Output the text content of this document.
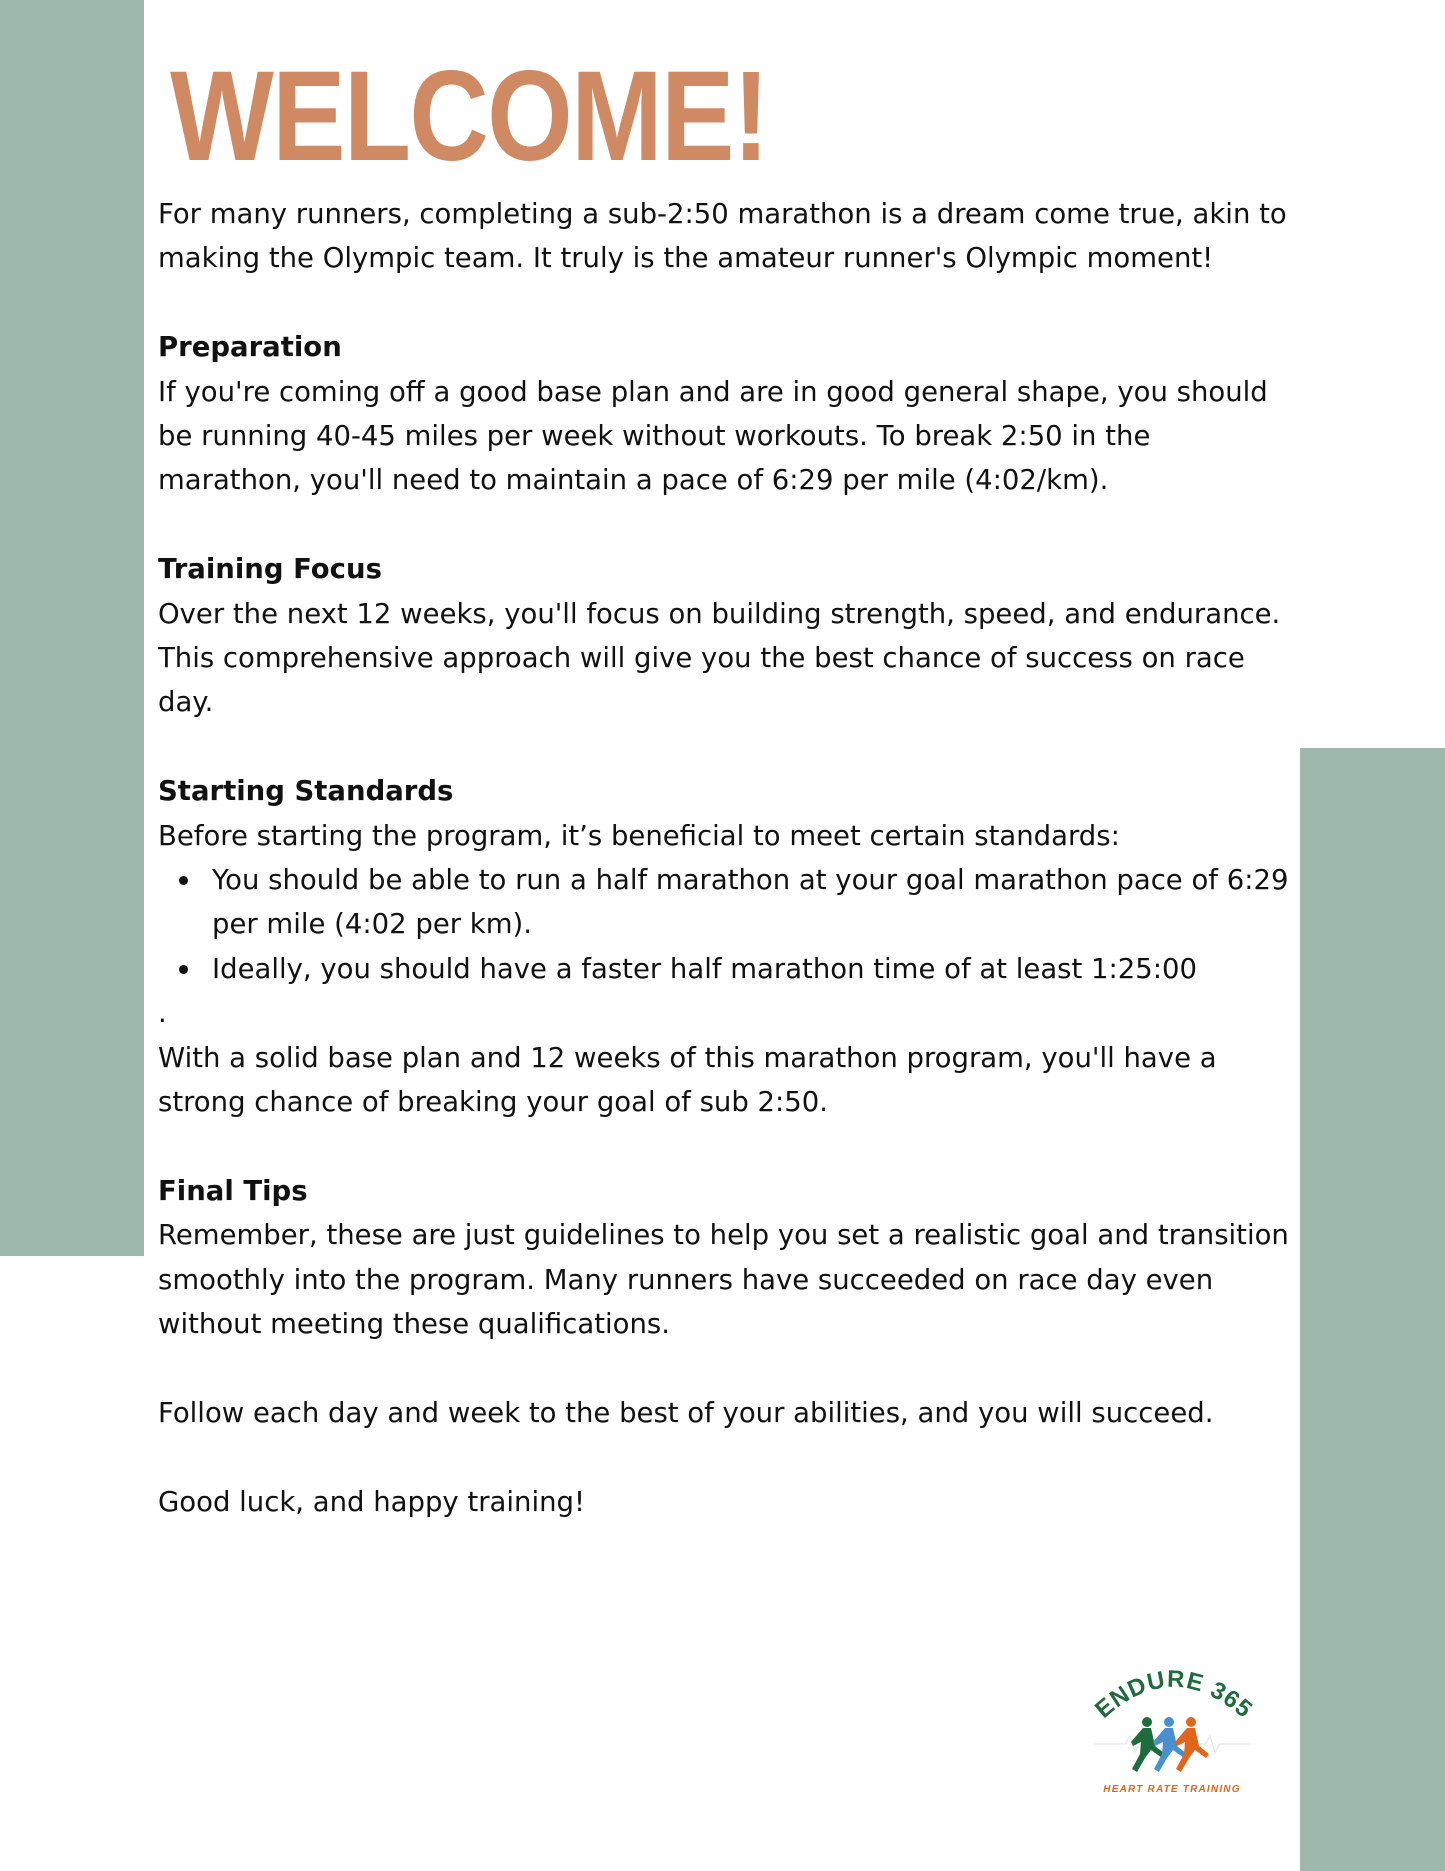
WELCOME!

For many runners, completing a sub-2:50 marathon is a dream come true, akin to making the Olympic team. It truly is the amateur runner's Olympic moment!

Preparation

If you're coming off a good base plan and are in good general shape, you should be running 40-45 miles per week without workouts. To break 2:50 in the marathon, you'll need to maintain a pace of 6:29 per mile (4:02/km).

Training Focus

Over the next 12 weeks, you'll focus on building strength, speed, and endurance. This comprehensive approach will give you the best chance of success on race day.

Starting Standards

Before starting the program, it’s beneficial to meet certain standards:

You should be able to run a half marathon at your goal marathon pace of 6:29 per mile (4:02 per km).
Ideally, you should have a faster half marathon time of at least 1:25:00

.

With a solid base plan and 12 weeks of this marathon program, you'll have a strong chance of breaking your goal of sub 2:50.

Final Tips

Remember, these are just guidelines to help you set a realistic goal and transition smoothly into the program. Many runners have succeeded on race day even without meeting these qualifications.

Follow each day and week to the best of your abilities, and you will succeed.

Good luck, and happy training!

ENDURE 365
HEART RATE TRAINING
